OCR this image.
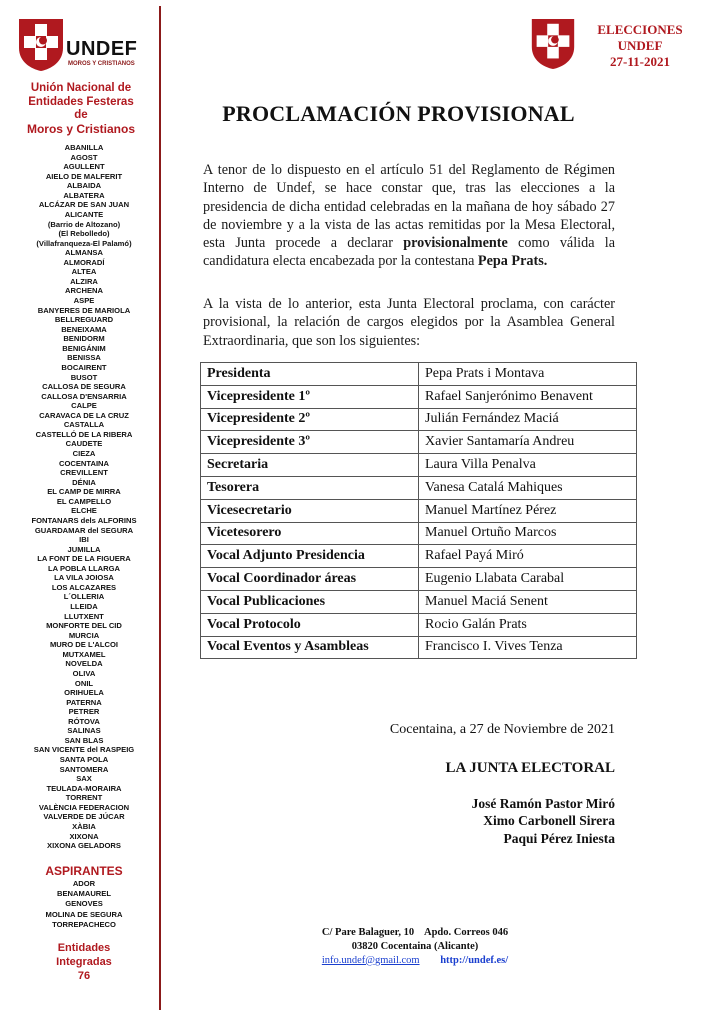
UNDEF
MOROS Y CRISTIANOS
Unión Nacional de
Entidades Festeras
de
Moros y Cristianos
ABANILLA
AGOST
AGULLENT
AIELO DE MALFERIT
ALBAIDA
ALBATERA
ALCÁZAR DE SAN JUAN
ALICANTE
(Barrio de Altozano)
(El Rebolledo)
(Villafranqueza-El Palamó)
ALMANSA
ALMORADÍ
ALTEA
ALZIRA
ARCHENA
ASPE
BANYERES DE MARIOLA
BELLREGUARD
BENEIXAMA
BENIDORM
BENIGÁNIM
BENISSA
BOCAIRENT
BUSOT
CALLOSA DE SEGURA
CALLOSA D'ENSARRIA
CALPE
CARAVACA DE LA CRUZ
CASTALLA
CASTELLÓ DE LA RIBERA
CAUDETE
CIEZA
COCENTAINA
CREVILLENT
DÉNIA
EL CAMP DE MIRRA
EL CAMPELLO
ELCHE
FONTANARS dels ALFORINS
GUARDAMAR del SEGURA
IBI
JUMILLA
LA FONT DE LA FIGUERA
LA POBLA LLARGA
LA VILA JOIOSA
LOS ALCAZARES
L´OLLERIA
LLEIDA
LLUTXENT
MONFORTE DEL CID
MURCIA
MURO DE L'ALCOI
MUTXAMEL
NOVELDA
OLIVA
ONIL
ORIHUELA
PATERNA
PETRER
RÓTOVA
SALINAS
SAN BLAS
SAN VICENTE del RASPEIG
SANTA POLA
SANTOMERA
SAX
TEULADA-MORAIRA
TORRENT
VALÈNCIA FEDERACION
VALVERDE DE JÚCAR
XÀBIA
XIXONA
XIXONA GELADORS
ASPIRANTES
ADOR
BENAMAUREL
GENOVES
MOLINA DE SEGURA
TORREPACHECO
Entidades
Integradas
76
ELECCIONES
UNDEF
27-11-2021
PROCLAMACIÓN PROVISIONAL
A tenor de lo dispuesto en el artículo 51 del Reglamento de Régimen Interno de Undef, se hace constar que, tras las elecciones a la presidencia de dicha entidad celebradas en la mañana de hoy sábado 27 de noviembre y a la vista de las actas remitidas por la Mesa Electoral, esta Junta procede a declarar provisionalmente como válida la candidatura electa encabezada por la contestana Pepa Prats.
A la vista de lo anterior, esta Junta Electoral proclama, con carácter provisional, la relación de cargos elegidos por la Asamblea General Extraordinaria, que son los siguientes:
Presidenta	Pepa Prats i Montava
Vicepresidente 1º	Rafael Sanjerónimo Benavent
Vicepresidente 2º	Julián Fernández Maciá
Vicepresidente 3º	Xavier Santamaría Andreu
Secretaria	Laura Villa Penalva
Tesorera	Vanesa Catalá Mahiques
Vicesecretario	Manuel Martínez Pérez
Vicetesorero	Manuel Ortuño Marcos
Vocal Adjunto Presidencia	Rafael Payá Miró
Vocal Coordinador áreas	Eugenio Llabata Carabal
Vocal Publicaciones	Manuel Maciá Senent
Vocal Protocolo	Rocio Galán Prats
Vocal Eventos y Asambleas	Francisco I. Vives Tenza
Cocentaina, a 27 de Noviembre de 2021
LA JUNTA ELECTORAL
José Ramón Pastor Miró
Ximo Carbonell Sirera
Paqui Pérez Iniesta
C/ Pare Balaguer, 10    Apdo. Correos 046
03820 Cocentaina (Alicante)
info.undef@gmail.com http://undef.es/
